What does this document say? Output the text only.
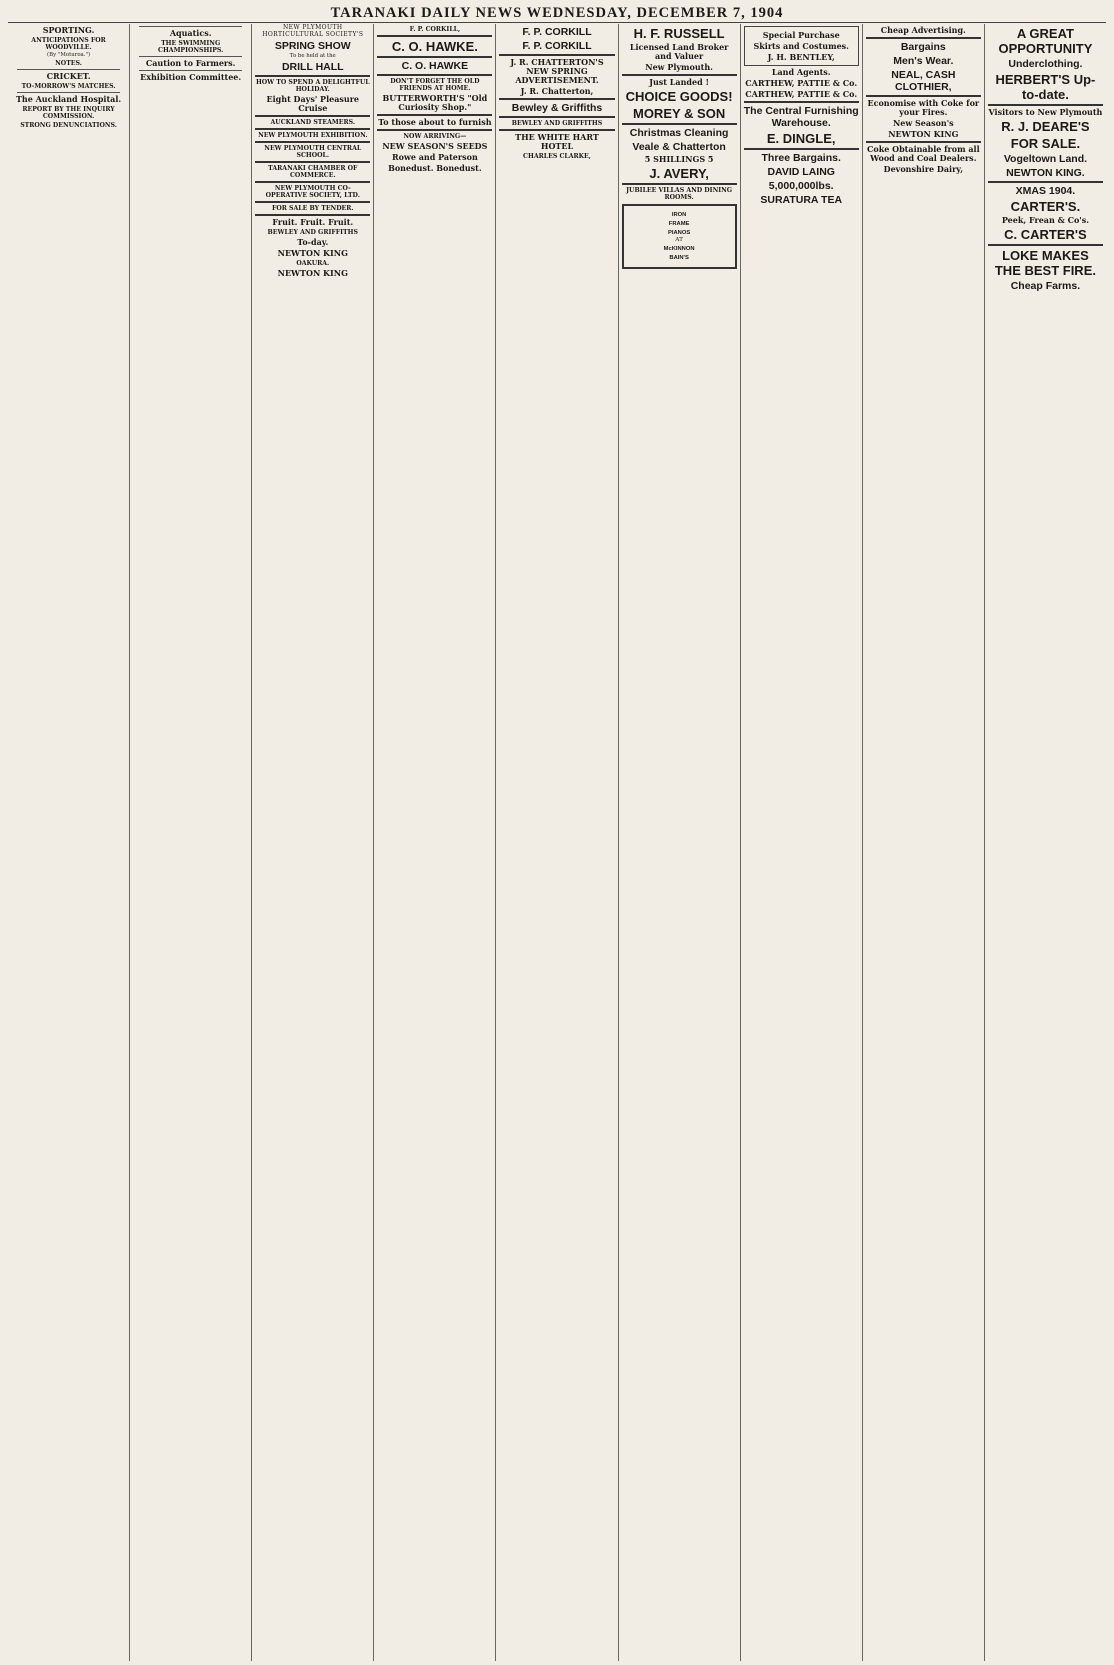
TARANAKI DAILY NEWS WEDNESDAY, DECEMBER 7, 1904
SPORTING.
ANTICIPATIONS FOR WOODVILLE.
(By "Moturoa.")
NOTES.
CRICKET.
TO-MORROW'S MATCHES.
The Auckland Hospital.
REPORT BY THE INQUIRY COMMISSION.
STRONG DENUNCIATIONS.
Aquatics.
THE SWIMMING CHAMPIONSHIPS.
Caution to Farmers.
Exhibition Committee.
NEW PLYMOUTH HORTICULTURAL SOCIETY'S
SPRING SHOW
To be held at the
DRILL HALL
HOW TO SPEND A DELIGHTFUL HOLIDAY.
Eight Days' Pleasure Cruise
AUCKLAND STEAMERS.
NEW PLYMOUTH EXHIBITION.
NEW PLYMOUTH CENTRAL SCHOOL.
TARANAKI CHAMBER OF COMMERCE.
NEW PLYMOUTH CO-OPERATIVE SOCIETY, LTD.
FOR SALE BY TENDER.
Fruit. Fruit. Fruit.
BEWLEY AND GRIFFITHS
To-day.
NEWTON KING
OAKURA.
NEWTON KING
F. P. CORKILL,
C. O. HAWKE.
C. O. HAWKE
DON'T FORGET THE OLD FRIENDS AT HOME.
BUTTERWORTH'S "Old Curiosity Shop."
To those about to furnish
NOW ARRIVING—
NEW SEASON'S SEEDS
Rowe and Paterson
Bonedust. Bonedust.
F. P. CORKILL
F. P. CORKILL
J. R. CHATTERTON'S NEW SPRING ADVERTISEMENT.
J. R. Chatterton,
Bewley & Griffiths
BEWLEY AND GRIFFITHS
THE WHITE HART HOTEL
CHARLES CLARKE,
H. F. RUSSELL
Licensed Land Broker and Valuer
New Plymouth.
Just Landed !
CHOICE GOODS!
MOREY & SON
Christmas Cleaning
Veale & Chatterton
5 SHILLINGS 5
J. AVERY,
JUBILEE VILLAS AND DINING ROOMS.
IRON
FRAME
PIANOS
AT
McKINNON
BAIN'S
Special Purchase
Skirts and Costumes.
J. H. BENTLEY,
Land Agents.
CARTHEW, PATTIE & Co.
CARTHEW, PATTIE & Co.
The Central Furnishing Warehouse.
E. DINGLE,
Three Bargains.
DAVID LAING
5,000,000lbs.
SURATURA TEA
Cheap Advertising.
Bargains
Men's Wear.
NEAL, CASH CLOTHIER,
Economise with Coke for your Fires.
New Season's
NEWTON KING
Coke Obtainable from all Wood and Coal Dealers.
Devonshire Dairy,
A GREAT OPPORTUNITY
Underclothing.
HERBERT'S Up-to-date.
Visitors to New Plymouth
R. J. DEARE'S
FOR SALE.
Vogeltown Land.
NEWTON KING.
XMAS 1904.
CARTER'S.
Peek, Frean & Co's.
C. CARTER'S
LOKE MAKES THE BEST FIRE.
Cheap Farms.
